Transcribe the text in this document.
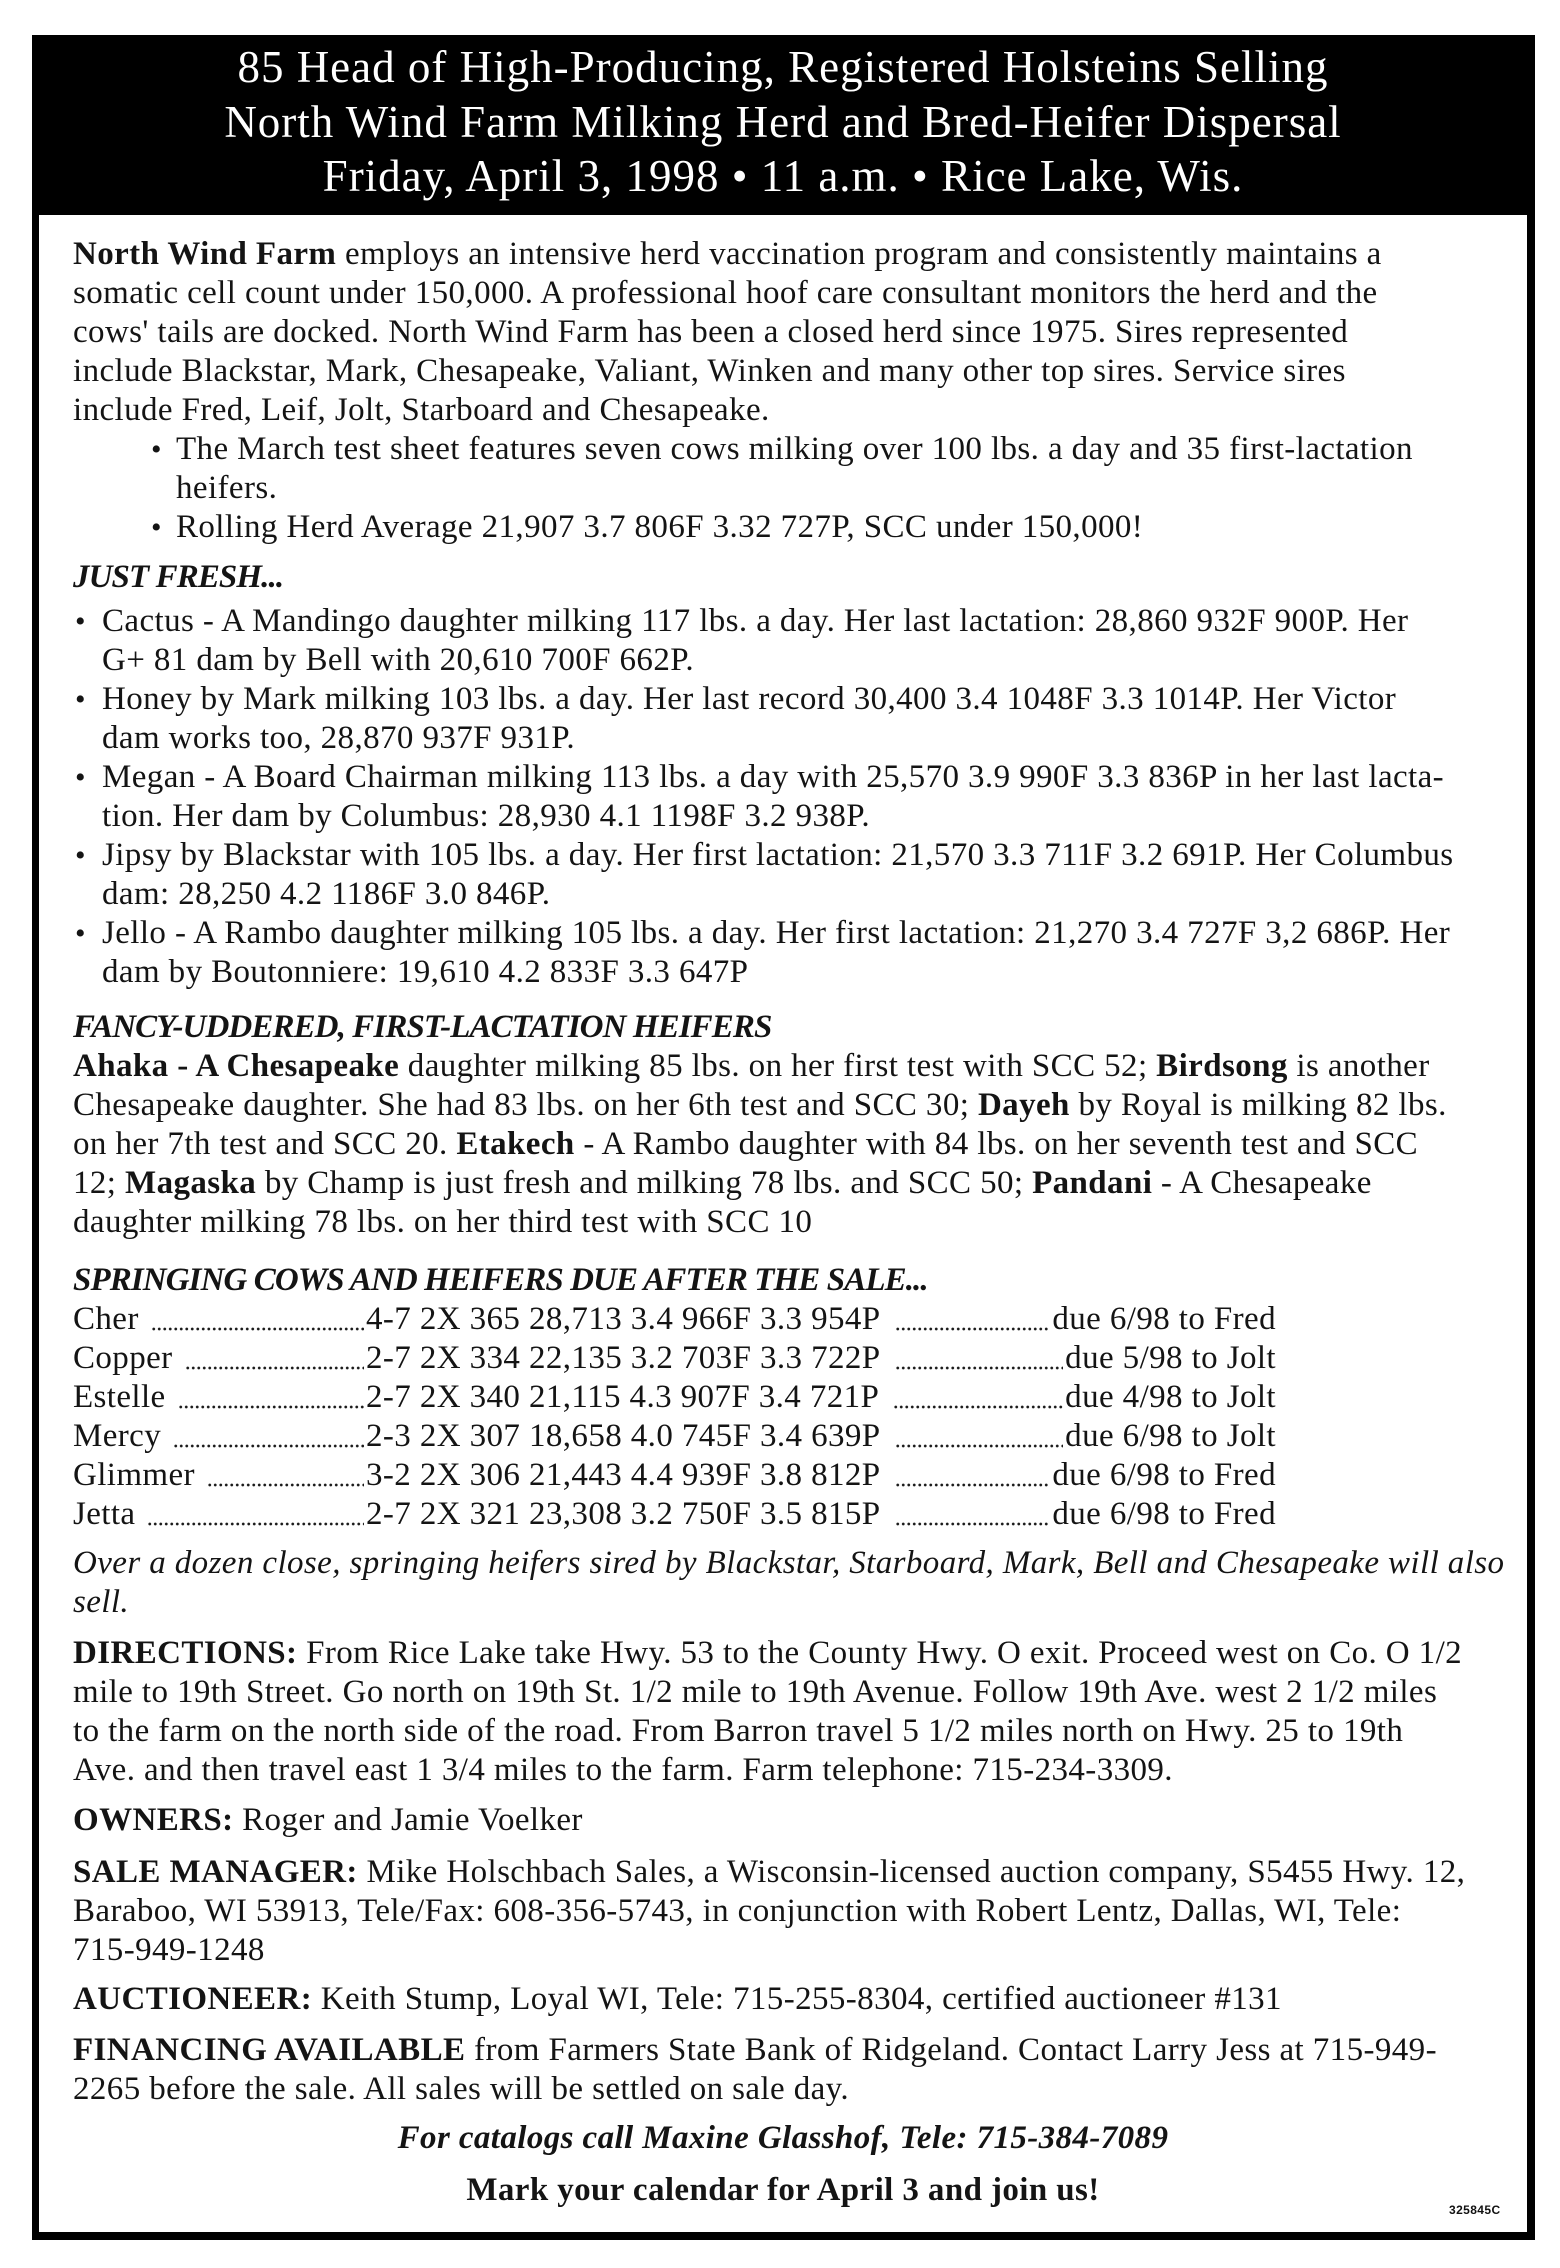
85 Head of High-Producing, Registered Holsteins Selling
North Wind Farm Milking Herd and Bred-Heifer Dispersal
Friday, April 3, 1998 • 11 a.m. • Rice Lake, Wis.
North Wind Farm employs an intensive herd vaccination program and consistently maintains a
somatic cell count under 150,000. A professional hoof care consultant monitors the herd and the
cows' tails are docked. North Wind Farm has been a closed herd since 1975. Sires represented
include Blackstar, Mark, Chesapeake, Valiant, Winken and many other top sires. Service sires
include Fred, Leif, Jolt, Starboard and Chesapeake.
• The March test sheet features seven cows milking over 100 lbs. a day and 35 first-lactation
heifers.
• Rolling Herd Average 21,907 3.7 806F 3.32 727P, SCC under 150,000!
JUST FRESH...
• Cactus - A Mandingo daughter milking 117 lbs. a day. Her last lactation: 28,860 932F 900P. Her
G+ 81 dam by Bell with 20,610 700F 662P.
• Honey by Mark milking 103 lbs. a day. Her last record 30,400 3.4 1048F 3.3 1014P. Her Victor
dam works too, 28,870 937F 931P.
• Megan - A Board Chairman milking 113 lbs. a day with 25,570 3.9 990F 3.3 836P in her last lacta-
tion. Her dam by Columbus: 28,930 4.1 1198F 3.2 938P.
• Jipsy by Blackstar with 105 lbs. a day. Her first lactation: 21,570 3.3 711F 3.2 691P. Her Columbus
dam: 28,250 4.2 1186F 3.0 846P.
• Jello - A Rambo daughter milking 105 lbs. a day. Her first lactation: 21,270 3.4 727F 3,2 686P. Her
dam by Boutonniere: 19,610 4.2 833F 3.3 647P
FANCY-UDDERED, FIRST-LACTATION HEIFERS
Ahaka - A Chesapeake daughter milking 85 lbs. on her first test with SCC 52; Birdsong is another
Chesapeake daughter. She had 83 lbs. on her 6th test and SCC 30; Dayeh by Royal is milking 82 lbs.
on her 7th test and SCC 20. Etakech - A Rambo daughter with 84 lbs. on her seventh test and SCC
12; Magaska by Champ is just fresh and milking 78 lbs. and SCC 50; Pandani - A Chesapeake
daughter milking 78 lbs. on her third test with SCC 10
SPRINGING COWS AND HEIFERS DUE AFTER THE SALE...
Cher	4-7 2X 365 28,713 3.4 966F 3.3 954P	due 6/98 to Fred
Copper	2-7 2X 334 22,135 3.2 703F 3.3 722P	due 5/98 to Jolt
Estelle	2-7 2X 340 21,115 4.3 907F 3.4 721P	due 4/98 to Jolt
Mercy	2-3 2X 307 18,658 4.0 745F 3.4 639P	due 6/98 to Jolt
Glimmer	3-2 2X 306 21,443 4.4 939F 3.8 812P	due 6/98 to Fred
Jetta	2-7 2X 321 23,308 3.2 750F 3.5 815P	due 6/98 to Fred
Over a dozen close, springing heifers sired by Blackstar, Starboard, Mark, Bell and Chesapeake will also
sell.
DIRECTIONS: From Rice Lake take Hwy. 53 to the County Hwy. O exit. Proceed west on Co. O 1/2
mile to 19th Street. Go north on 19th St. 1/2 mile to 19th Avenue. Follow 19th Ave. west 2 1/2 miles
to the farm on the north side of the road. From Barron travel 5 1/2 miles north on Hwy. 25 to 19th
Ave. and then travel east 1 3/4 miles to the farm. Farm telephone: 715-234-3309.
OWNERS: Roger and Jamie Voelker
SALE MANAGER: Mike Holschbach Sales, a Wisconsin-licensed auction company, S5455 Hwy. 12,
Baraboo, WI 53913, Tele/Fax: 608-356-5743, in conjunction with Robert Lentz, Dallas, WI, Tele:
715-949-1248
AUCTIONEER: Keith Stump, Loyal WI, Tele: 715-255-8304, certified auctioneer #131
FINANCING AVAILABLE from Farmers State Bank of Ridgeland. Contact Larry Jess at 715-949-
2265 before the sale. All sales will be settled on sale day.
For catalogs call Maxine Glasshof, Tele: 715-384-7089
Mark your calendar for April 3 and join us!
325845C
